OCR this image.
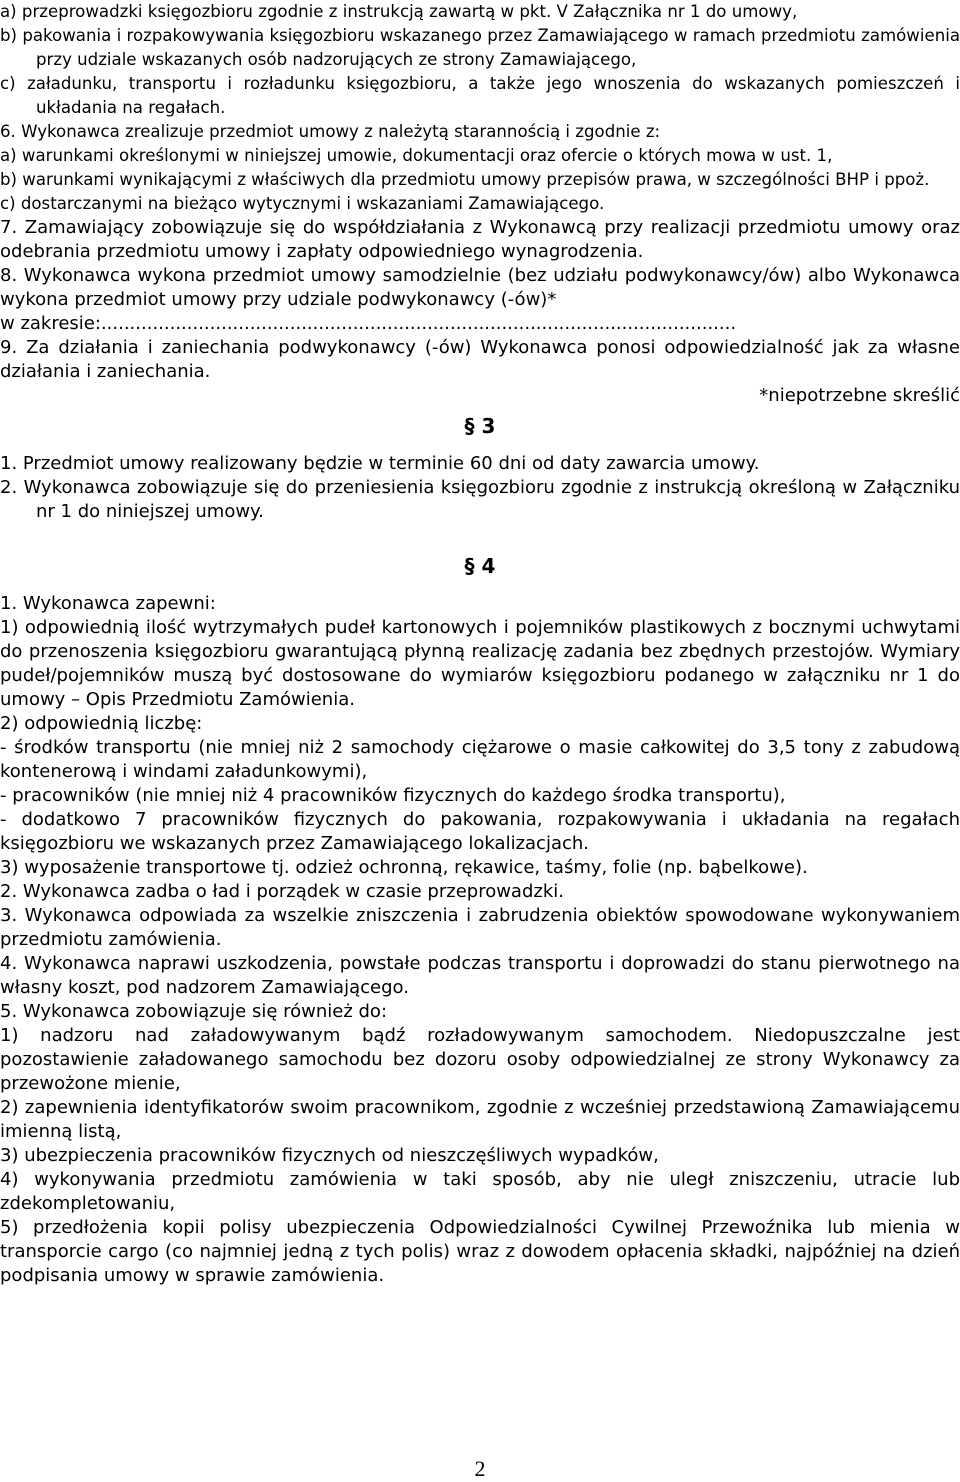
a) przeprowadzki księgozbioru zgodnie z instrukcją zawartą w pkt. V Załącznika nr 1 do umowy,

b) pakowania i rozpakowywania księgozbioru wskazanego przez Zamawiającego w ramach przedmiotu zamówienia przy udziale wskazanych osób nadzorujących ze strony Zamawiającego,

c) załadunku, transportu i rozładunku księgozbioru, a także jego wnoszenia do wskazanych pomieszczeń i układania na regałach.

6. Wykonawca zrealizuje przedmiot umowy z należytą starannością i zgodnie z:

a) warunkami określonymi w niniejszej umowie, dokumentacji oraz ofercie o których mowa w ust. 1,

b) warunkami wynikającymi z właściwych dla przedmiotu umowy przepisów prawa, w szczególności BHP i ppoż.

c) dostarczanymi na bieżąco wytycznymi i wskazaniami Zamawiającego.

7. Zamawiający zobowiązuje się do współdziałania z Wykonawcą przy realizacji przedmiotu umowy oraz odebrania przedmiotu umowy i zapłaty odpowiedniego wynagrodzenia.

8. Wykonawca wykona przedmiot umowy samodzielnie (bez udziału podwykonawcy/ów) albo Wykonawca wykona przedmiot umowy przy udziale podwykonawcy (-ów)*

w zakresie:...............................................................................................................

9. Za działania i zaniechania podwykonawcy (-ów) Wykonawca ponosi odpowiedzialność jak za własne działania i zaniechania.

*niepotrzebne skreślić

§ 3

1. Przedmiot umowy realizowany będzie w terminie 60 dni od daty zawarcia umowy.

2. Wykonawca zobowiązuje się do przeniesienia księgozbioru zgodnie z instrukcją określoną w Załączniku nr 1 do niniejszej umowy.

§ 4

1. Wykonawca zapewni:

1) odpowiednią ilość wytrzymałych pudeł kartonowych i pojemników plastikowych z bocznymi uchwytami do przenoszenia księgozbioru gwarantującą płynną realizację zadania bez zbędnych przestojów. Wymiary pudeł/pojemników muszą być dostosowane do wymiarów księgozbioru podanego w załączniku nr 1 do umowy – Opis Przedmiotu Zamówienia.

2) odpowiednią liczbę:

- środków transportu (nie mniej niż 2 samochody ciężarowe o masie całkowitej do 3,5 tony z zabudową kontenerową i windami załadunkowymi),

- pracowników (nie mniej niż 4 pracowników fizycznych do każdego środka transportu),

- dodatkowo 7 pracowników fizycznych do pakowania, rozpakowywania i układania na regałach księgozbioru we wskazanych przez Zamawiającego lokalizacjach.

3) wyposażenie transportowe tj. odzież ochronną, rękawice, taśmy, folie (np. bąbelkowe).

2. Wykonawca zadba o ład i porządek w czasie przeprowadzki.

3. Wykonawca odpowiada za wszelkie zniszczenia i zabrudzenia obiektów spowodowane wykonywaniem przedmiotu zamówienia.

4. Wykonawca naprawi uszkodzenia, powstałe podczas transportu i doprowadzi do stanu pierwotnego na własny koszt, pod nadzorem Zamawiającego.

5. Wykonawca zobowiązuje się również do:

1) nadzoru nad załadowywanym bądź rozładowywanym samochodem. Niedopuszczalne jest pozostawienie załadowanego samochodu bez dozoru osoby odpowiedzialnej ze strony Wykonawcy za przewożone mienie,

2) zapewnienia identyfikatorów swoim pracownikom, zgodnie z wcześniej przedstawioną Zamawiającemu imienną listą,

3) ubezpieczenia pracowników fizycznych od nieszczęśliwych wypadków,

4) wykonywania przedmiotu zamówienia w taki sposób, aby nie uległ zniszczeniu, utracie lub zdekompletowaniu,

5) przedłożenia kopii polisy ubezpieczenia Odpowiedzialności Cywilnej Przewoźnika lub mienia w transporcie cargo (co najmniej jedną z tych polis) wraz z dowodem opłacenia składki, najpóźniej na dzień podpisania umowy w sprawie zamówienia.

2
